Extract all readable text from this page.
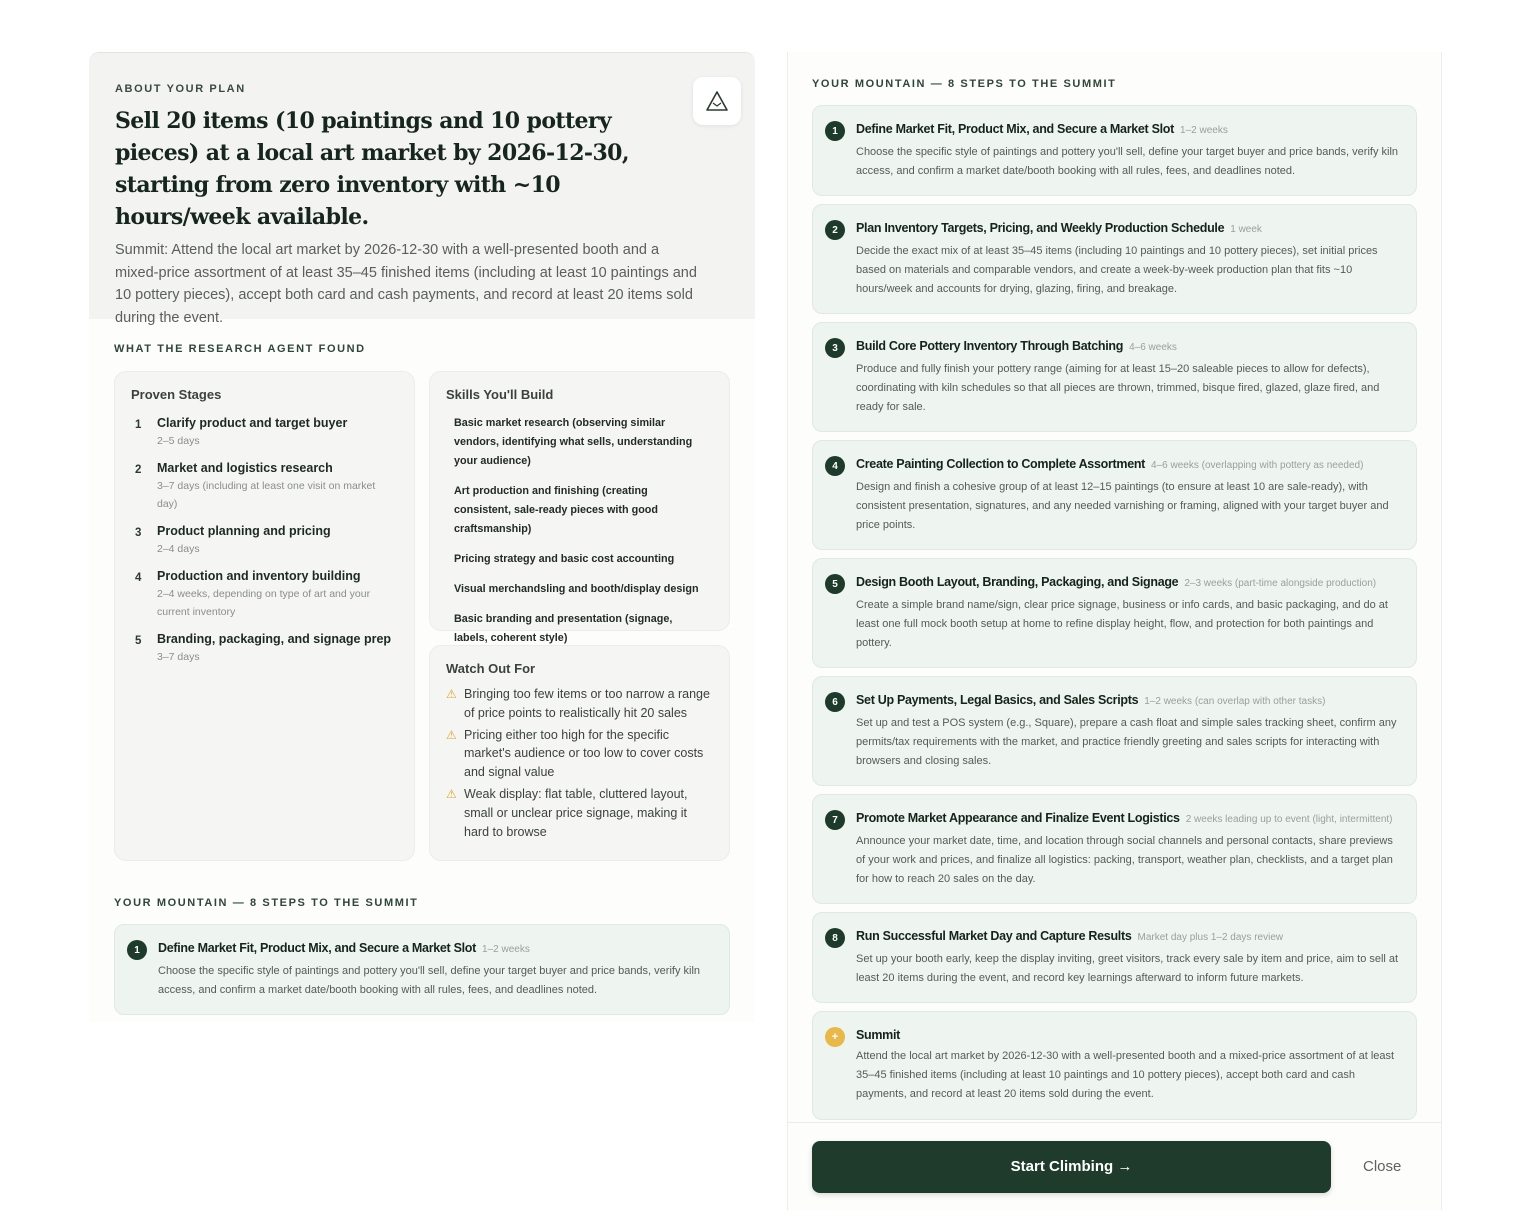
ABOUT YOUR PLAN
Sell 20 items (10 paintings and 10 pottery pieces) at a local art market by 2026-12-30, starting from zero inventory with ~10 hours/week available.
Summit: Attend the local art market by 2026-12-30 with a well-presented booth and a mixed-price assortment of at least 35–45 finished items (including at least 10 paintings and 10 pottery pieces), accept both card and cash payments, and record at least 20 items sold during the event.
WHAT THE RESEARCH AGENT FOUND
Proven Stages
1	Clarify product and target buyer
2–5 days
2	Market and logistics research
3–7 days (including at least one visit on market day)
3	Product planning and pricing
2–4 days
4	Production and inventory building
2–4 weeks, depending on type of art and your current inventory
5	Branding, packaging, and signage prep
3–7 days
Skills You'll Build
Basic market research (observing similar vendors, identifying what sells, understanding your audience)
Art production and finishing (creating consistent, sale-ready pieces with good craftsmanship)
Pricing strategy and basic cost accounting
Visual merchandsling and booth/display design
Basic branding and presentation (signage, labels, coherent style)
Watch Out For
⚠ Bringing too few items or too narrow a range of price points to realistically hit 20 sales
⚠ Pricing either too high for the specific market's audience or too low to cover costs and signal value
⚠ Weak display: flat table, cluttered layout, small or unclear price signage, making it hard to browse
YOUR MOUNTAIN — 8 STEPS TO THE SUMMIT
1	Define Market Fit, Product Mix, and Secure a Market Slot 1–2 weeks
Choose the specific style of paintings and pottery you'll sell, define your target buyer and price bands, verify kiln access, and confirm a market date/booth booking with all rules, fees, and deadlines noted.
YOUR MOUNTAIN — 8 STEPS TO THE SUMMIT
1	Define Market Fit, Product Mix, and Secure a Market Slot 1–2 weeks
Choose the specific style of paintings and pottery you'll sell, define your target buyer and price bands, verify kiln access, and confirm a market date/booth booking with all rules, fees, and deadlines noted.
2	Plan Inventory Targets, Pricing, and Weekly Production Schedule 1 week
Decide the exact mix of at least 35–45 items (including 10 paintings and 10 pottery pieces), set initial prices based on materials and comparable vendors, and create a week-by-week production plan that fits ~10 hours/week and accounts for drying, glazing, firing, and breakage.
3	Build Core Pottery Inventory Through Batching 4–6 weeks
Produce and fully finish your pottery range (aiming for at least 15–20 saleable pieces to allow for defects), coordinating with kiln schedules so that all pieces are thrown, trimmed, bisque fired, glazed, glaze fired, and ready for sale.
4	Create Painting Collection to Complete Assortment 4–6 weeks (overlapping with pottery as needed)
Design and finish a cohesive group of at least 12–15 paintings (to ensure at least 10 are sale-ready), with consistent presentation, signatures, and any needed varnishing or framing, aligned with your target buyer and price points.
5	Design Booth Layout, Branding, Packaging, and Signage 2–3 weeks (part-time alongside production)
Create a simple brand name/sign, clear price signage, business or info cards, and basic packaging, and do at least one full mock booth setup at home to refine display height, flow, and protection for both paintings and pottery.
6	Set Up Payments, Legal Basics, and Sales Scripts 1–2 weeks (can overlap with other tasks)
Set up and test a POS system (e.g., Square), prepare a cash float and simple sales tracking sheet, confirm any permits/tax requirements with the market, and practice friendly greeting and sales scripts for interacting with browsers and closing sales.
7	Promote Market Appearance and Finalize Event Logistics 2 weeks leading up to event (light, intermittent)
Announce your market date, time, and location through social channels and personal contacts, share previews of your work and prices, and finalize all logistics: packing, transport, weather plan, checklists, and a target plan for how to reach 20 sales on the day.
8	Run Successful Market Day and Capture Results Market day plus 1–2 days review
Set up your booth early, keep the display inviting, greet visitors, track every sale by item and price, aim to sell at least 20 items during the event, and record key learnings afterward to inform future markets.
+	Summit
Attend the local art market by 2026-12-30 with a well-presented booth and a mixed-price assortment of at least 35–45 finished items (including at least 10 paintings and 10 pottery pieces), accept both card and cash payments, and record at least 20 items sold during the event.
Start Climbing →	Close
